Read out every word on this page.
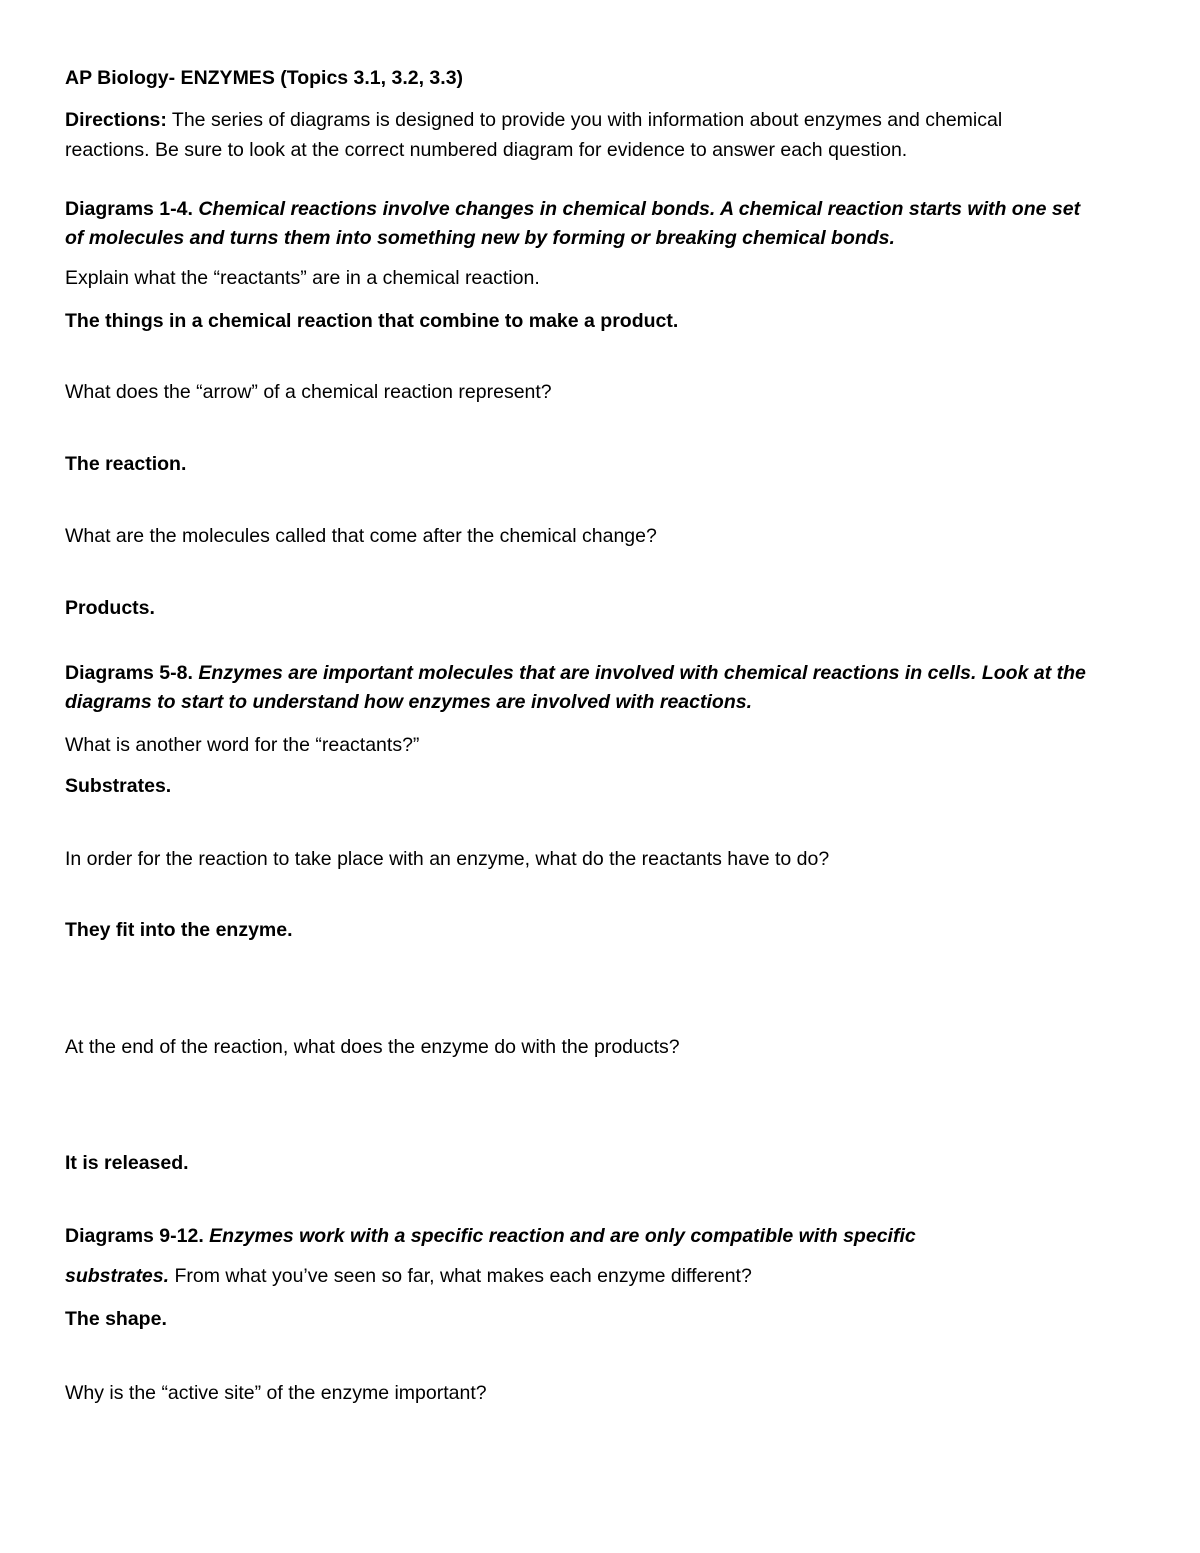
AP Biology- ENZYMES (Topics 3.1, 3.2, 3.3)
Directions: The series of diagrams is designed to provide you with information about enzymes and chemical
reactions. Be sure to look at the correct numbered diagram for evidence to answer each question.
Diagrams 1-4. Chemical reactions involve changes in chemical bonds. A chemical reaction starts with one set
of molecules and turns them into something new by forming or breaking chemical bonds.
Explain what the “reactants” are in a chemical reaction.
The things in a chemical reaction that combine to make a product.
What does the “arrow” of a chemical reaction represent?
The reaction.
What are the molecules called that come after the chemical change?
Products.
Diagrams 5-8. Enzymes are important molecules that are involved with chemical reactions in cells. Look at the
diagrams to start to understand how enzymes are involved with reactions.
What is another word for the “reactants?”
Substrates.
In order for the reaction to take place with an enzyme, what do the reactants have to do?
They fit into the enzyme.
At the end of the reaction, what does the enzyme do with the products?
It is released.
Diagrams 9-12. Enzymes work with a specific reaction and are only compatible with specific
substrates. From what you’ve seen so far, what makes each enzyme different?
The shape.
Why is the “active site” of the enzyme important?
